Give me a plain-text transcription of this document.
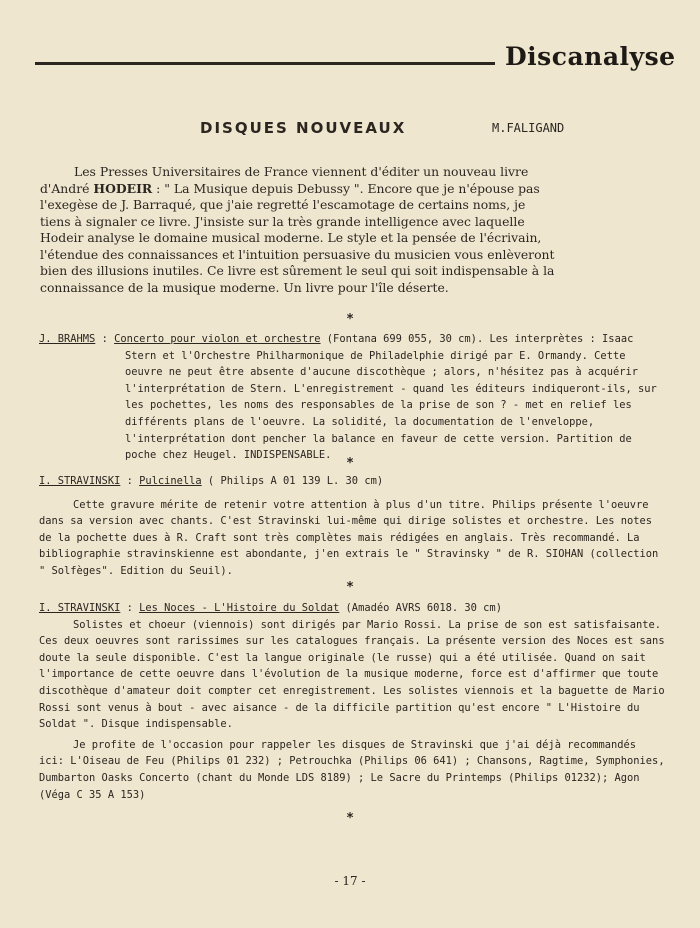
Discanalyse
DISQUES NOUVEAUX	M.FALIGAND

Les Presses Universitaires de France viennent d'éditer un nouveau livre d'André HODEIR : " La Musique depuis Debussy ". Encore que je n'épouse pas l'exegèse de J. Barraqué, que j'aie regretté l'escamotage de certains noms, je tiens à signaler ce livre. J'insiste sur la très grande intelligence avec laquelle Hodeir analyse le domaine musical moderne. Le style et la pensée de l'écrivain, l'étendue des connaissances et l'intuition persuasive du musicien vous enlèveront bien des illusions inutiles. Ce livre est sûrement le seul qui soit indispensable à la connaissance de la musique moderne. Un livre pour l'île déserte.

*
J. BRAHMS : Concerto pour violon et orchestre (Fontana 699 055, 30 cm). Les interprètes : Isaac

Stern et l'Orchestre Philharmonique de Philadelphie dirigé par E. Ormandy. Cette oeuvre ne peut être absente d'aucune discothèque ; alors, n'hésitez pas à acquérir l'interprétation de Stern. L'enregistrement - quand les éditeurs indiqueront-ils, sur les pochettes, les noms des responsables de la prise de son ? - met en relief les différents plans de l'oeuvre. La solidité, la documentation de l'enveloppe, l'interprétation dont pencher la balance en faveur de cette version. Partition de poche chez Heugel. INDISPENSABLE.

*
I. STRAVINSKI : Pulcinella ( Philips A 01 139 L. 30 cm)

Cette gravure mérite de retenir votre attention à plus d'un titre. Philips présente l'oeuvre dans sa version avec chants. C'est Stravinski lui-même qui dirige solistes et orchestre. Les notes de la pochette dues à R. Craft sont très complètes mais rédigées en anglais. Très recommandé. La bibliographie stravinskienne est abondante, j'en extrais le " Stravinsky " de R. SIOHAN (collection " Solfèges". Edition du Seuil).

*
I. STRAVINSKI : Les Noces - L'Histoire du Soldat (Amadéo AVRS 6018. 30 cm)

Solistes et choeur (viennois) sont dirigés par Mario Rossi. La prise de son est satisfaisante. Ces deux oeuvres sont rarissimes sur les catalogues français. La présente version des Noces est sans doute la seule disponible. C'est la langue originale (le russe) qui a été utilisée. Quand on sait l'importance de cette oeuvre dans l'évolution de la musique moderne, force est d'affirmer que toute discothèque d'amateur doit compter cet enregistrement. Les solistes viennois et la baguette de Mario Rossi sont venus à bout - avec aisance - de la difficile partition qu'est encore " L'Histoire du Soldat ". Disque indispensable.

Je profite de l'occasion pour rappeler les disques de Stravinski que j'ai déjà recommandés ici: L'Oiseau de Feu (Philips 01 232) ; Petrouchka (Philips 06 641) ; Chansons, Ragtime, Symphonies, Dumbarton Oasks Concerto (chant du Monde LDS 8189) ; Le Sacre du Printemps (Philips 01232); Agon (Véga C 35 A 153)

*
- 17 -
